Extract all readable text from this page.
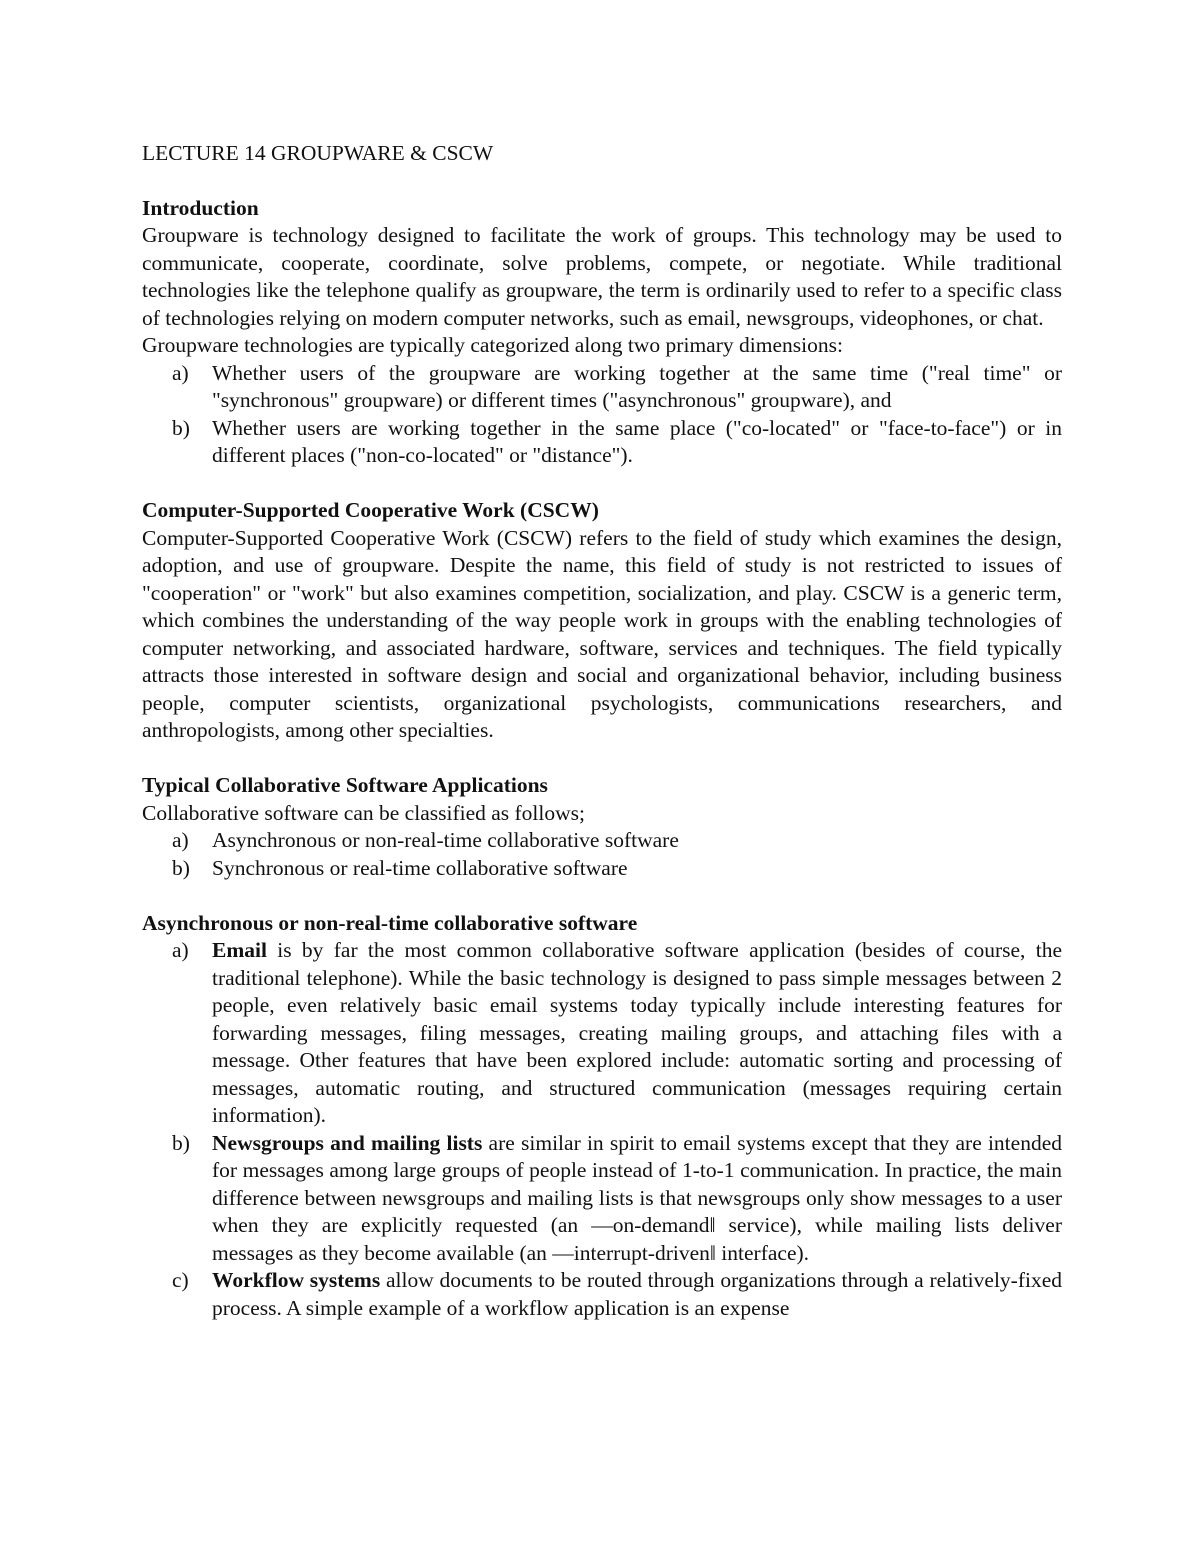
LECTURE 14 GROUPWARE & CSCW

Introduction

Groupware is technology designed to facilitate the work of groups. This technology may be used to communicate, cooperate, coordinate, solve problems, compete, or negotiate. While traditional technologies like the telephone qualify as groupware, the term is ordinarily used to refer to a specific class of technologies relying on modern computer networks, such as email, newsgroups, videophones, or chat.

Groupware technologies are typically categorized along two primary dimensions:

a) Whether users of the groupware are working together at the same time ("real time" or "synchronous" groupware) or different times ("asynchronous" groupware), and
b) Whether users are working together in the same place ("co-located" or "face-to-face") or in different places ("non-co-located" or "distance").

Computer-Supported Cooperative Work (CSCW)

Computer-Supported Cooperative Work (CSCW) refers to the field of study which examines the design, adoption, and use of groupware. Despite the name, this field of study is not restricted to issues of "cooperation" or "work" but also examines competition, socialization, and play. CSCW is a generic term, which combines the understanding of the way people work in groups with the enabling technologies of computer networking, and associated hardware, software, services and techniques. The field typically attracts those interested in software design and social and organizational behavior, including business people, computer scientists, organizational psychologists, communications researchers, and anthropologists, among other specialties.

Typical Collaborative Software Applications

Collaborative software can be classified as follows;

a) Asynchronous or non-real-time collaborative software
b) Synchronous or real-time collaborative software

Asynchronous or non-real-time collaborative software

a) Email is by far the most common collaborative software application (besides of course, the traditional telephone). While the basic technology is designed to pass simple messages between 2 people, even relatively basic email systems today typically include interesting features for forwarding messages, filing messages, creating mailing groups, and attaching files with a message. Other features that have been explored include: automatic sorting and processing of messages, automatic routing, and structured communication (messages requiring certain information).
b) Newsgroups and mailing lists are similar in spirit to email systems except that they are intended for messages among large groups of people instead of 1-to-1 communication. In practice, the main difference between newsgroups and mailing lists is that newsgroups only show messages to a user when they are explicitly requested (an ―on-demand‖ service), while mailing lists deliver messages as they become available (an ―interrupt-driven‖ interface).
c) Workflow systems allow documents to be routed through organizations through a relatively-fixed process. A simple example of a workflow application is an expense
